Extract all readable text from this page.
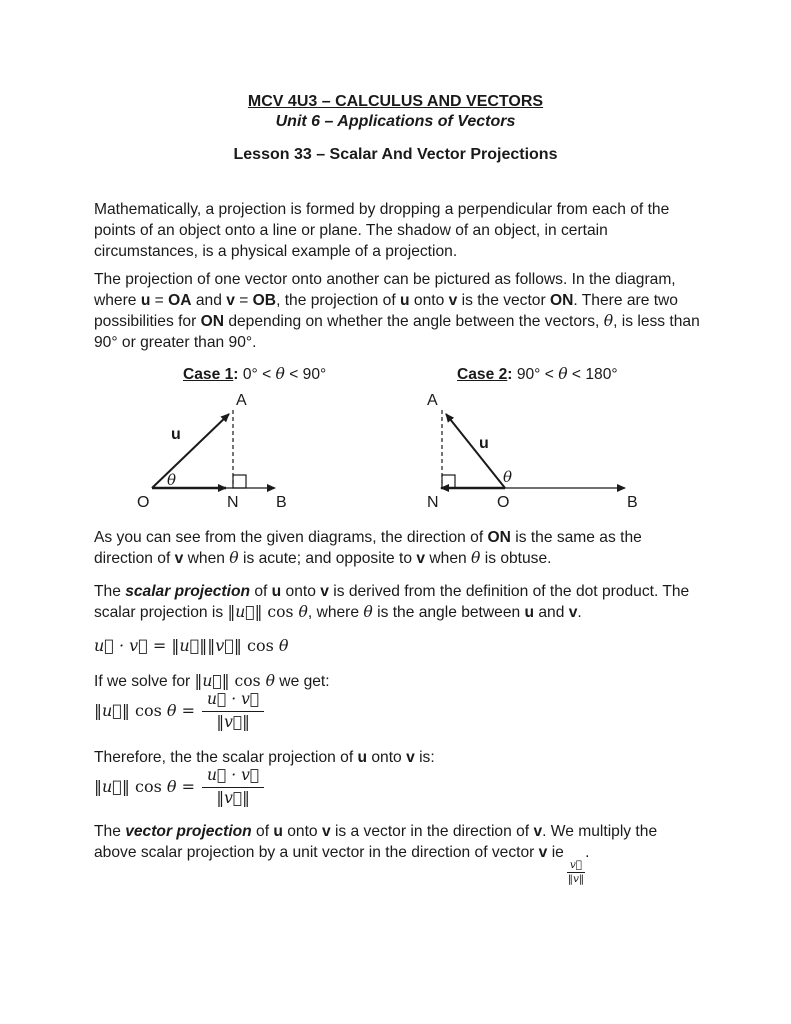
MCV 4U3 – CALCULUS AND VECTORS
Unit 6 – Applications of Vectors
Lesson 33 – Scalar And Vector Projections
Mathematically, a projection is formed by dropping a perpendicular from each of the
points of an object onto a line or plane. The shadow of an object, in certain
circumstances, is a physical example of a projection.
The projection of one vector onto another can be pictured as follows. In the diagram,
where u = OA and v = OB, the projection of u onto v is the vector ON. There are two
possibilities for ON depending on whether the angle between the vectors, θ, is less than
90° or greater than 90°.
Case 1: 0° < θ < 90°	Case 2: 90° < θ < 180°
A
O	N B
u
θ
A
N	O	B
u
θ
As you can see from the given diagrams, the direction of ON is the same as the
direction of v when θ is acute; and opposite to v when θ is obtuse.
The scalar projection of u onto v is derived from the definition of the dot product. The
scalar projection is ‖u⃗‖ cos θ, where θ is the angle between u and v.
u⃗ · v⃗ = ‖u⃗‖‖v⃗‖ cos θ
If we solve for ‖u⃗‖ cos θ we get:
‖u⃗‖ $\cos \theta = \frac{u⃗ \cdot v⃗}{‖v⃗‖}$
Therefore, the the scalar projection of u onto v is:
‖u⃗‖ $\cos \theta = \frac{u⃗ \cdot v⃗}{‖v⃗‖}$
The vector projection of u onto v is a vector in the direction of v. We multiply the
above scalar projection by a unit vector in the direction of vector v ie
$\frac{v⃗}{‖v‖}$
.
